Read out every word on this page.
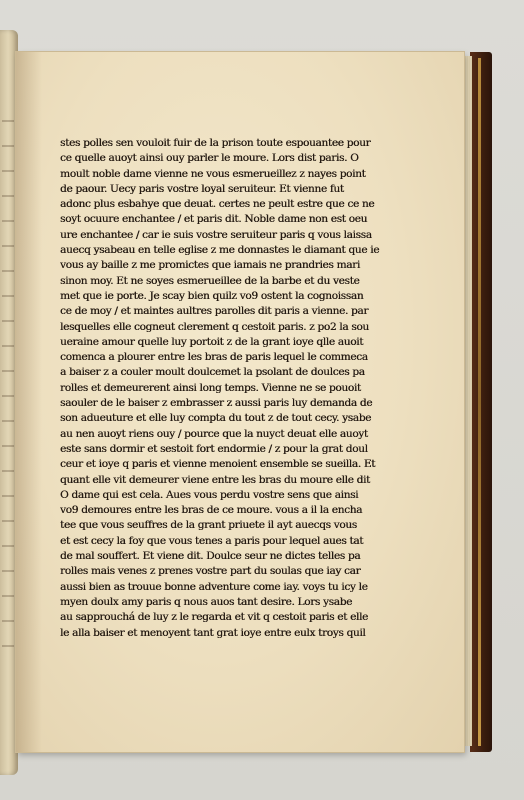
stes polles sen vouloit fuir de la prison toute espouantee pour
ce quelle auoyt ainsi ouy parler le moure. Lors dist paris. O
moult noble dame vienne ne vous esmerueillez z nayes point
de paour. Uecy paris vostre loyal seruiteur. Et vienne fut
adonc plus esbahye que deuat. certes ne peult estre que ce ne
soyt ocuure enchantee / et paris dit. Noble dame non est oeu
ure enchantee / car ie suis vostre seruiteur paris q vous laissa
auecq ysabeau en telle eglise z me donnastes le diamant que ie
vous ay baille z me promictes que iamais ne prandries mari
sinon moy. Et ne soyes esmerueillee de la barbe et du veste
met que ie porte. Je scay bien quilz vo9 ostent la cognoissan
ce de moy / et maintes aultres parolles dit paris a vienne. par
lesquelles elle cogneut clerement q cestoit paris. z po2 la sou
ueraine amour quelle luy portoit z de la grant ioye qlle auoit
comenca a plourer entre les bras de paris lequel le commeca
a baiser z a couler moult doulcemet la psolant de doulces pa
rolles et demeurerent ainsi long temps. Vienne ne se pouoit
saouler de le baiser z embrasser z aussi paris luy demanda de
son adueuture et elle luy compta du tout z de tout cecy. ysabe
au nen auoyt riens ouy / pource que la nuyct deuat elle auoyt
este sans dormir et sestoit fort endormie / z pour la grat doul
ceur et ioye q paris et vienne menoient ensemble se sueilla. Et
quant elle vit demeurer viene entre les bras du moure elle dit
O dame qui est cela. Aues vous perdu vostre sens que ainsi
vo9 demoures entre les bras de ce moure. vous a il la encha
tee que vous seuffres de la grant priuete il ayt auecqs vous
et est cecy la foy que vous tenes a paris pour lequel aues tat
de mal souffert. Et viene dit. Doulce seur ne dictes telles pa
rolles mais venes z prenes vostre part du soulas que iay car
aussi bien as trouue bonne adventure come iay. voys tu icy le
myen doulx amy paris q nous auos tant desire. Lors ysabe
au sapprouchá de luy z le regarda et vit q cestoit paris et elle
le alla baiser et menoyent tant grat ioye entre eulx troys quil
